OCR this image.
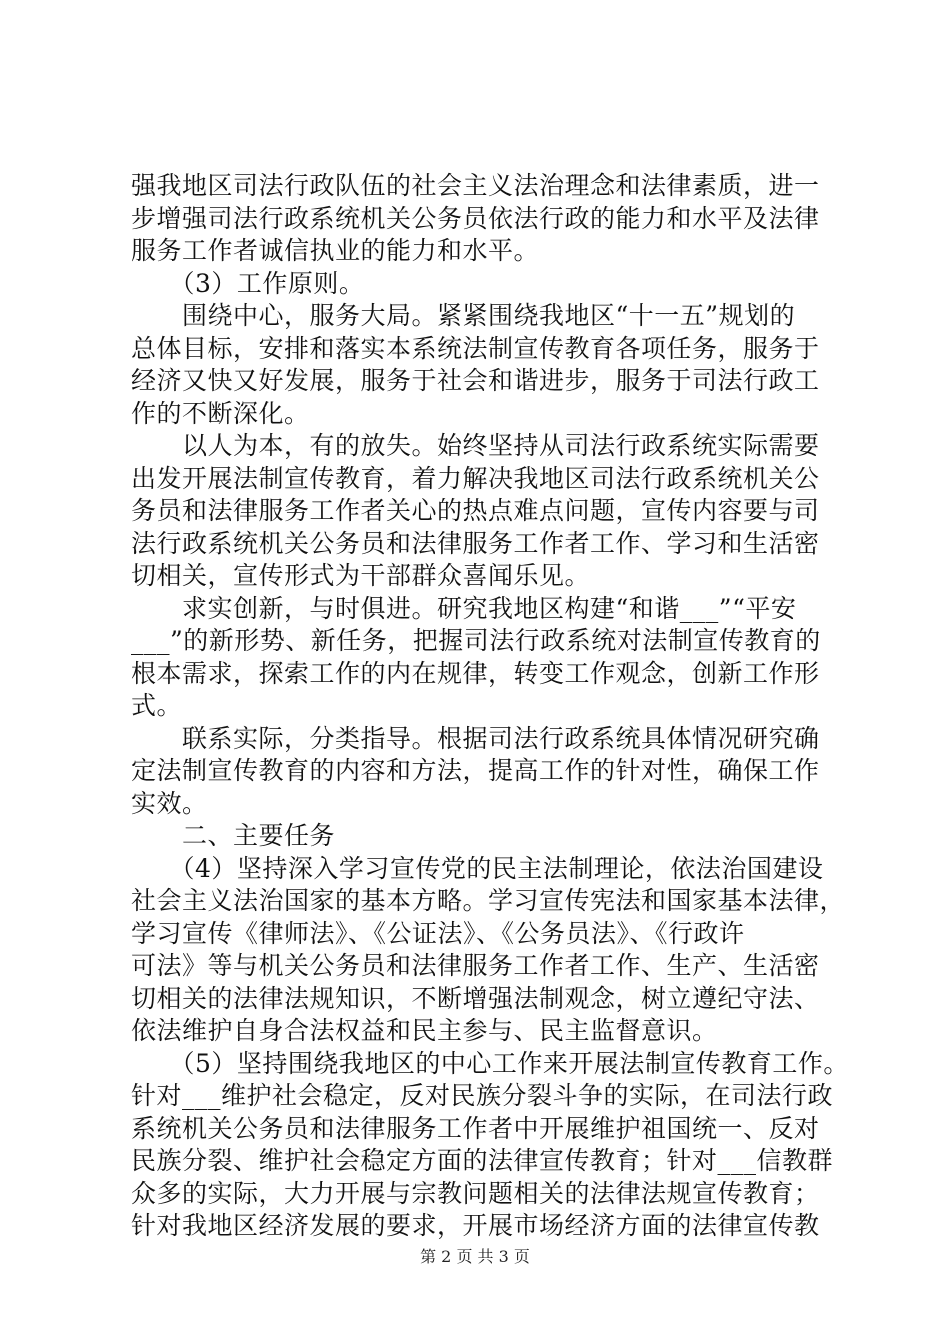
强我地区司法行政队伍的社会主义法治理念和法律素质，进一
步增强司法行政系统机关公务员依法行政的能力和水平及法律
服务工作者诚信执业的能力和水平。
　　（3）工作原则。
　　围绕中心，服务大局。紧紧围绕我地区“十一五”规划的
总体目标，安排和落实本系统法制宣传教育各项任务，服务于
经济又快又好发展，服务于社会和谐进步，服务于司法行政工
作的不断深化。
　　以人为本，有的放失。始终坚持从司法行政系统实际需要
出发开展法制宣传教育，着力解决我地区司法行政系统机关公
务员和法律服务工作者关心的热点难点问题，宣传内容要与司
法行政系统机关公务员和法律服务工作者工作、学习和生活密
切相关，宣传形式为干部群众喜闻乐见。
　　求实创新，与时俱进。研究我地区构建“和谐___”“平安
___”的新形势、新任务，把握司法行政系统对法制宣传教育的
根本需求，探索工作的内在规律，转变工作观念，创新工作形
式。
　　联系实际，分类指导。根据司法行政系统具体情况研究确
定法制宣传教育的内容和方法，提高工作的针对性，确保工作
实效。
　　二、主要任务
　　（4）坚持深入学习宣传党的民主法制理论，依法治国建设
社会主义法治国家的基本方略。学习宣传宪法和国家基本法律，
学习宣传《律师法》、《公证法》、《公务员法》、《行政许
可法》等与机关公务员和法律服务工作者工作、生产、生活密
切相关的法律法规知识，不断增强法制观念，树立遵纪守法、
依法维护自身合法权益和民主参与、民主监督意识。
　　（5）坚持围绕我地区的中心工作来开展法制宣传教育工作。
针对___维护社会稳定，反对民族分裂斗争的实际，在司法行政
系统机关公务员和法律服务工作者中开展维护祖国统一、反对
民族分裂、维护社会稳定方面的法律宣传教育；针对___信教群
众多的实际，大力开展与宗教问题相关的法律法规宣传教育；
针对我地区经济发展的要求，开展市场经济方面的法律宣传教
第 2 页 共 3 页
